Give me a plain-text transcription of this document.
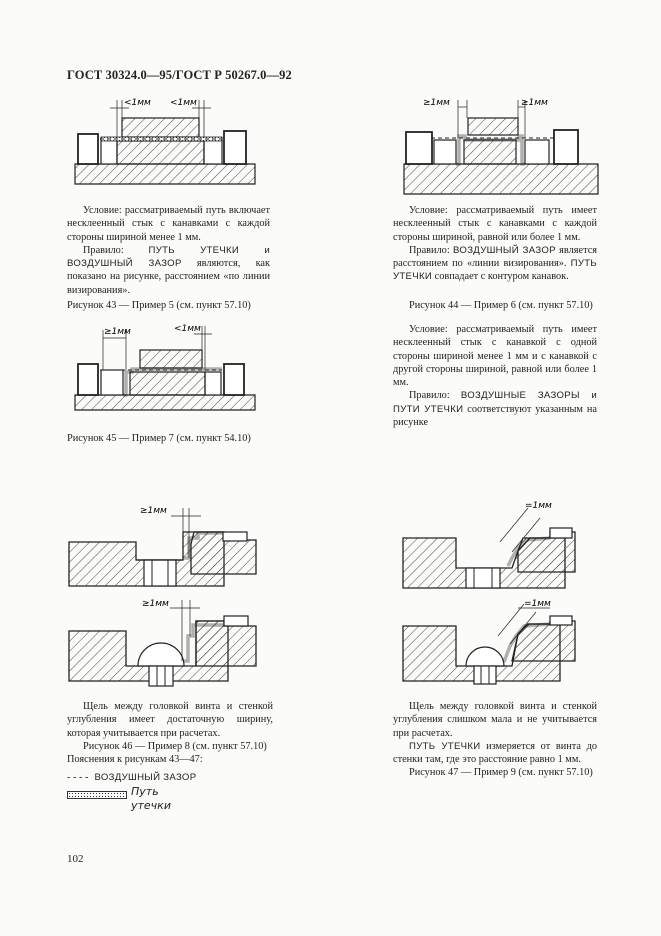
ГОСТ 30324.0—95/ГОСТ Р 50267.0—92
<1мм <1мм

Условие: рассматриваемый путь включает несклеенный стык с канавками с каждой стороны шириной менее 1 мм.

Правило: ПУТЬ УТЕЧКИ и ВОЗДУШНЫЙ ЗАЗОР являются, как показано на рисунке, расстоянием «по линии визирования».

Рисунок 43 — Пример 5 (см. пункт 57.10)
≥1мм	≥1мм

Условие: рассматриваемый путь имеет несклеенный стык с канавками с каждой стороны шириной, равной или более 1 мм.

Правило: ВОЗДУШНЫЙ ЗАЗОР является расстоянием по «линии визирования». ПУТЬ УТЕЧКИ совпадает с контуром канавок.

Рисунок 44 — Пример 6 (см. пункт 57.10)
≥1мм	<1мм
Рисунок 45 — Пример 7 (см. пункт 54.10)

Условие: рассматриваемый путь имеет несклеенный стык с канавкой с одной стороны шириной менее 1 мм и с канавкой с другой стороны шириной, равной или более 1 мм.

Правило: ВОЗДУШНЫЕ ЗАЗОРЫ и ПУТИ УТЕЧКИ соответствуют указанным на рисунке

≥1мм
≥1мм

Щель между головкой винта и стенкой углубления имеет достаточную ширину, которая учитывается при расчетах.

Рисунок 46 — Пример 8 (см. пункт 57.10)

Пояснения к рисункам 43—47:

- - - - ВОЗДУШНЫЙ ЗАЗОР
Путь
утечки
=1мм
=1мм

Щель между головкой винта и стенкой углубления слишком мала и не учитывается при расчетах.

ПУТЬ УТЕЧКИ измеряется от винта до стенки там, где это расстояние равно 1 мм.

Рисунок 47 — Пример 9 (см. пункт 57.10)

102
